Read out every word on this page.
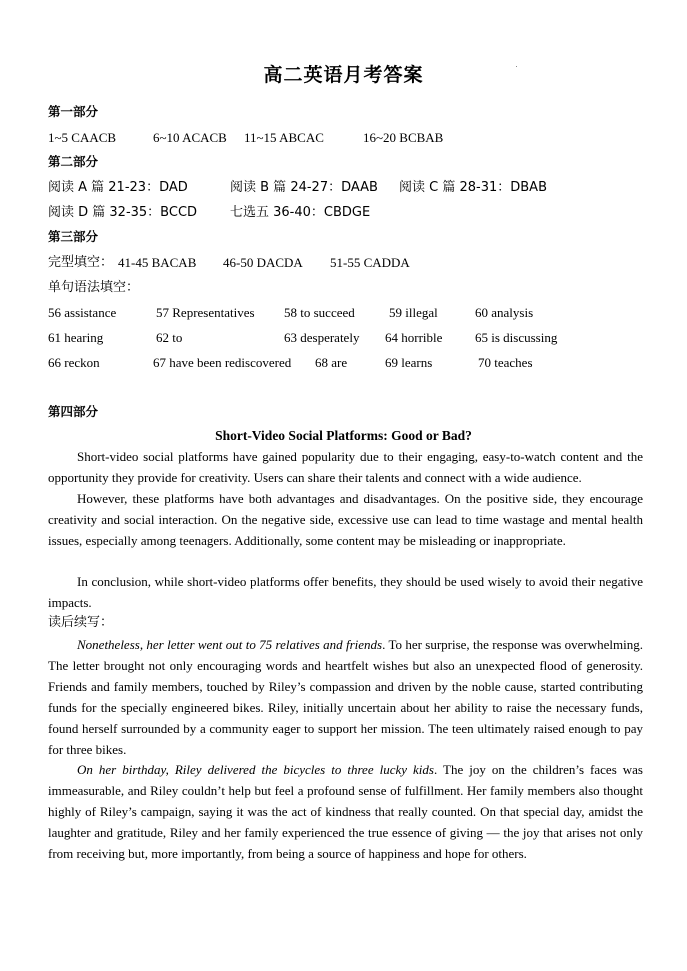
高二英语月考答案
第一部分
1~5 CAACB	6~10 ACACB 11~15 ABCAC	16~20 BCBAB
第二部分
阅读 A 篇 21-23：DAD	阅读 B 篇 24-27：DAAB 阅读 C 篇 28-31：DBAB
阅读 D 篇 32-35：BCCD	七选五 36-40：CBDGE
第三部分
完型填空： 41-45 BACAB 46-50 DACDA 51-55 CADDA
单句语法填空：
56 assistance	57 Representatives 58 to succeed	59 illegal	60 analysis
61 hearing	62 to	63 desperately 64 horrible	65 is discussing
66 reckon	67 have been rediscovered 68 are	69 learns	70 teaches
第四部分
Short-Video Social Platforms: Good or Bad?
Short-video social platforms have gained popularity due to their engaging, easy-to-watch content and the opportunity they provide for creativity. Users can share their talents and connect with a wide audience.
However, these platforms have both advantages and disadvantages. On the positive side, they encourage creativity and social interaction. On the negative side, excessive use can lead to time wastage and mental health issues, especially among teenagers. Additionally, some content may be misleading or inappropriate.
In conclusion, while short-video platforms offer benefits, they should be used wisely to avoid their negative impacts.
读后续写：
Nonetheless, her letter went out to 75 relatives and friends. To her surprise, the response was overwhelming. The letter brought not only encouraging words and heartfelt wishes but also an unexpected flood of generosity. Friends and family members, touched by Riley’s compassion and driven by the noble cause, started contributing funds for the specially engineered bikes. Riley, initially uncertain about her ability to raise the necessary funds, found herself surrounded by a community eager to support her mission. The teen ultimately raised enough to pay for three bikes.
On her birthday, Riley delivered the bicycles to three lucky kids. The joy on the children’s faces was immeasurable, and Riley couldn’t help but feel a profound sense of fulfillment. Her family members also thought highly of Riley’s campaign, saying it was the act of kindness that really counted. On that special day, amidst the laughter and gratitude, Riley and her family experienced the true essence of giving — the joy that arises not only from receiving but, more importantly, from being a source of happiness and hope for others.
